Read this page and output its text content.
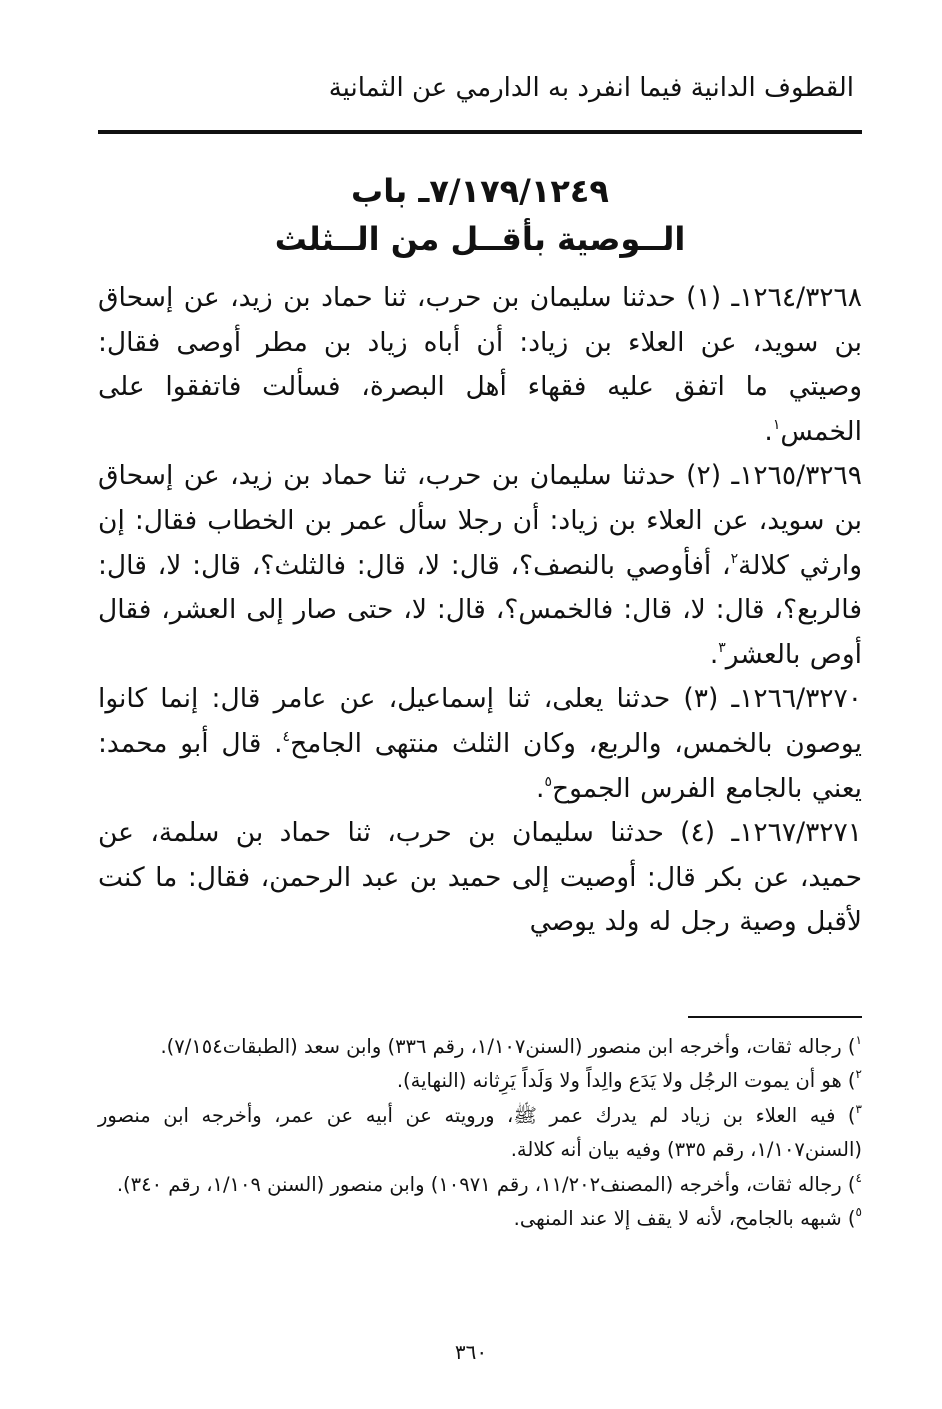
القطوف الدانية فيما انفرد به الدارمي عن الثمانية
٧/١٧٩/١٢٤٩ـ باب
الــوصية بأقــل من الــثلث

١٢٦٤/٣٢٦٨ـ (١) حدثنا سليمان بن حرب، ثنا حماد بن زيد، عن إسحاق بن سويد، عن العلاء بن زياد: أن أباه زياد بن مطر أوصى فقال: وصيتي ما اتفق عليه فقهاء أهل البصرة، فسألت فاتفقوا على الخمس$^١$.

١٢٦٥/٣٢٦٩ـ (٢) حدثنا سليمان بن حرب، ثنا حماد بن زيد، عن إسحاق بن سويد، عن العلاء بن زياد: أن رجلا سأل عمر بن الخطاب فقال: إن وارثي كلالة$^٢$، أفأوصي بالنصف؟، قال: لا، قال: فالثلث؟، قال: لا، قال: فالربع؟، قال: لا، قال: فالخمس؟، قال: لا، حتى صار إلى العشر، فقال أوص بالعشر$^٣$.

١٢٦٦/٣٢٧٠ـ (٣) حدثنا يعلى، ثنا إسماعيل، عن عامر قال: إنما كانوا يوصون بالخمس، والربع، وكان الثلث منتهى الجامح$^٤$. قال أبو محمد: يعني بالجامع الفرس الجموح$^٥$.

١٢٦٧/٣٢٧١ـ (٤) حدثنا سليمان بن حرب، ثنا حماد بن سلمة، عن حميد، عن بكر قال: أوصيت إلى حميد بن عبد الرحمن، فقال: ما كنت لأقبل وصية رجل له ولد يوصي

$^١$) رجاله ثقات، وأخرجه ابن منصور (السنن١/١٠٧، رقم ٣٣٦) وابن سعد (الطبقات٧/١٥٤).

$^٢$) هو أن يموت الرجُل ولا يَدَع والِداً ولا وَلَداً يَرِثانه (النهاية).

$^٣$) فيه العلاء بن زياد لم يدرك عمر ﷺ، ورويته عن أبيه عن عمر، وأخرجه ابن منصور (السنن١/١٠٧، رقم ٣٣٥) وفيه بيان أنه كلالة.

$^٤$) رجاله ثقات، وأخرجه (المصنف١١/٢٠٢، رقم ١٠٩٧١) وابن منصور (السنن ١/١٠٩، رقم ٣٤٠).

$^٥$) شبهه بالجامح، لأنه لا يقف إلا عند المنهى.

٣٦٠
